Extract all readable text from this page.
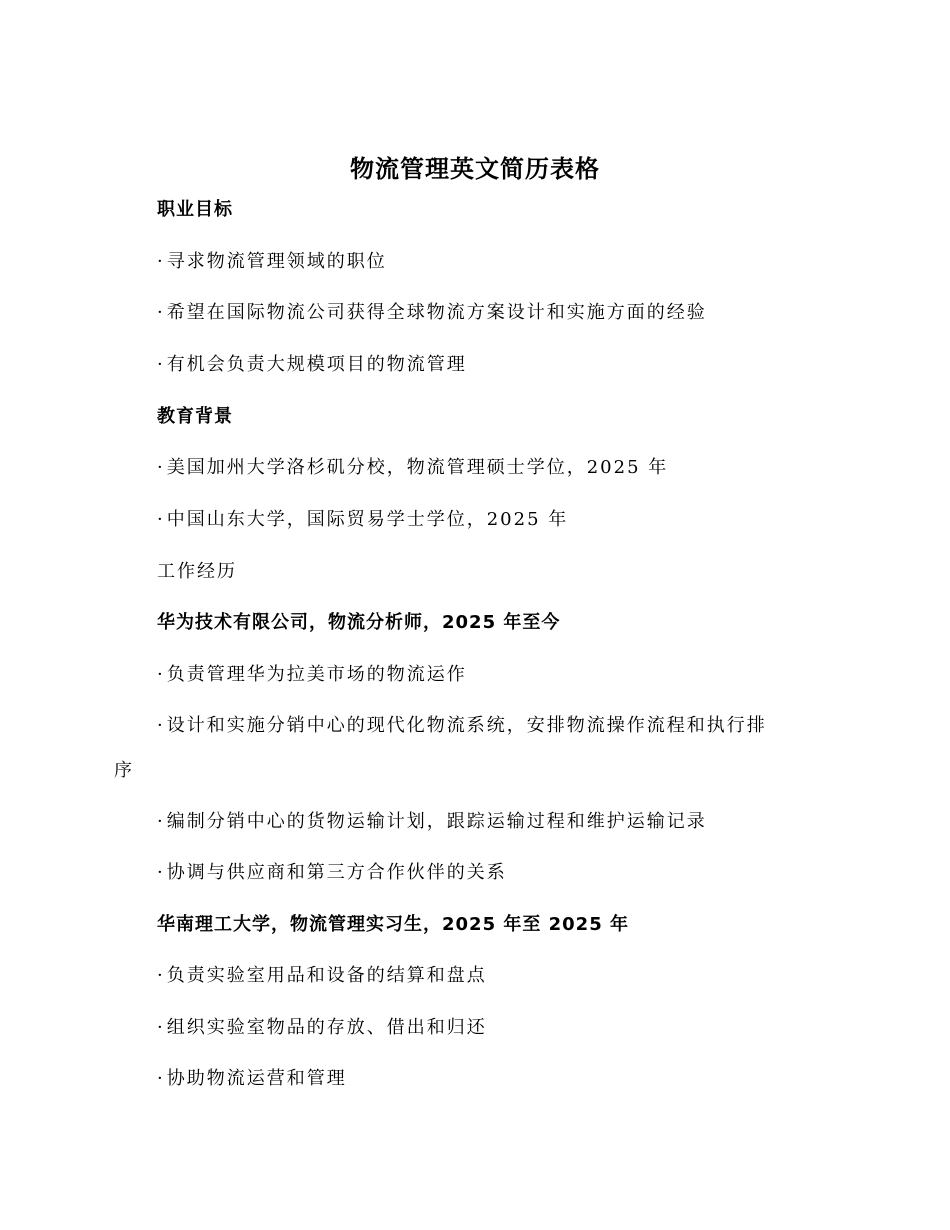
物流管理英文简历表格
职业目标
· 寻求物流管理领域的职位
· 希望在国际物流公司获得全球物流方案设计和实施方面的经验
· 有机会负责大规模项目的物流管理
教育背景
· 美国加州大学洛杉矶分校，物流管理硕士学位，2025 年
· 中国山东大学，国际贸易学士学位，2025 年
工作经历
华为技术有限公司，物流分析师，2025 年至今
· 负责管理华为拉美市场的物流运作
· 设计和实施分销中心的现代化物流系统，安排物流操作流程和执行排
序
· 编制分销中心的货物运输计划，跟踪运输过程和维护运输记录
· 协调与供应商和第三方合作伙伴的关系
华南理工大学，物流管理实习生，2025 年至 2025 年
· 负责实验室用品和设备的结算和盘点
· 组织实验室物品的存放、借出和归还
· 协助物流运营和管理
